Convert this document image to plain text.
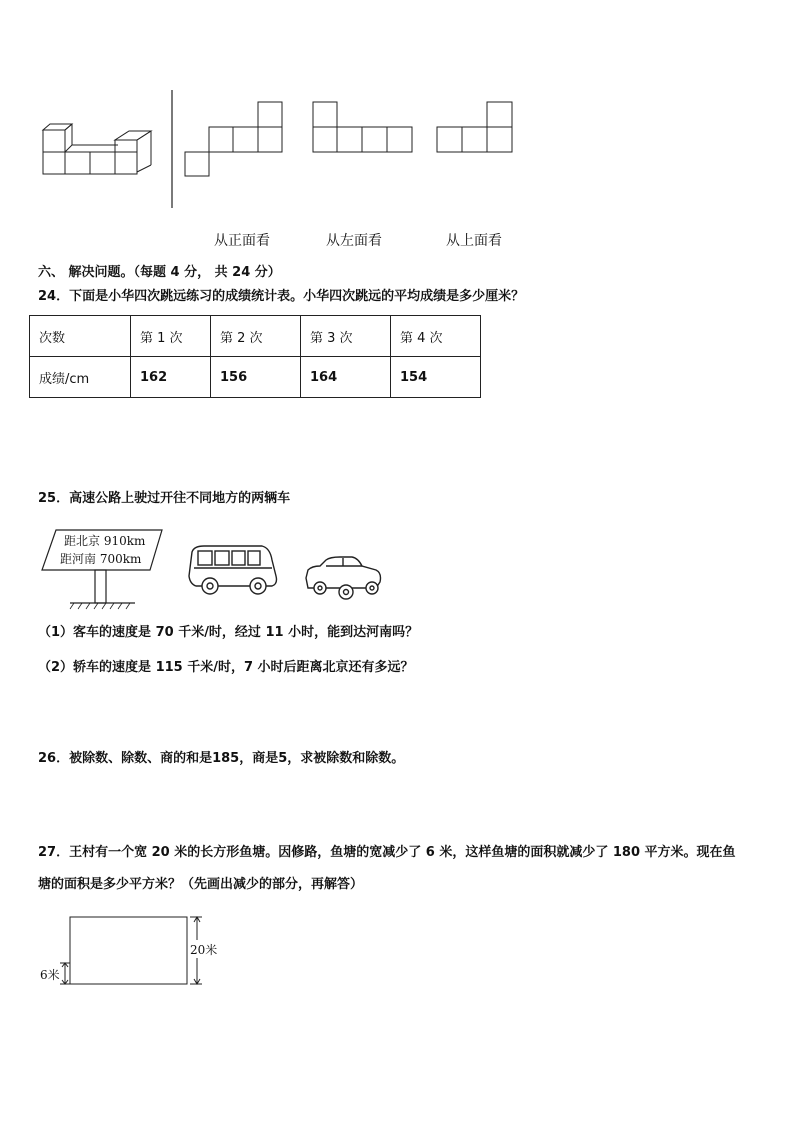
从正面看	从左面看	从上面看
六、 解决问题。（每题 4 分， 共 24 分）
24．下面是小华四次跳远练习的成绩统计表。小华四次跳远的平均成绩是多少厘米？
次数	第 1 次	第 2 次	第 3 次	第 4 次
成绩/cm	162	156	164	154
25．高速公路上驶过开往不同地方的两辆车
距北京 910km
距河南 700km
（1）客车的速度是 70 千米/时，经过 11 小时，能到达河南吗？
（2）轿车的速度是 115 千米/时，7 小时后距离北京还有多远？
26．被除数、除数、商的和是185，商是5，求被除数和除数。
27．王村有一个宽 20 米的长方形鱼塘。因修路，鱼塘的宽减少了 6 米，这样鱼塘的面积就减少了 180 平方米。现在鱼
塘的面积是多少平方米？（先画出减少的部分，再解答）
20米
6米
